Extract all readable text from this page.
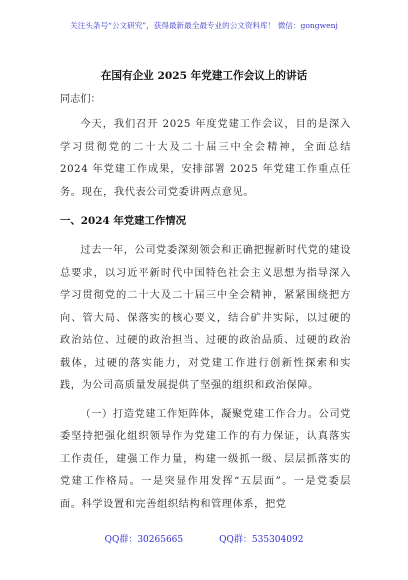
关注头条号“公文研究”，获得最新最全最专业的公文资料库！ 微信：gongwenj
在国有企业 2025 年党建工作会议上的讲话

同志们：

今天，我们召开 2025 年度党建工作会议，目的是深入学习贯彻党的二十大及二十届三中全会精神，全面总结 2024 年党建工作成果，安排部署 2025 年党建工作重点任务。现在，我代表公司党委讲两点意见。

一、2024 年党建工作情况

过去一年，公司党委深刻领会和正确把握新时代党的建设总要求，以习近平新时代中国特色社会主义思想为指导深入学习贯彻党的二十大及二十届三中全会精神，紧紧围绕把方向、管大局、保落实的核心要义，结合矿井实际，以过硬的政治站位、过硬的政治担当、过硬的政治品质、过硬的政治载体，过硬的落实能力，对党建工作进行创新性探索和实践，为公司高质量发展提供了坚强的组织和政治保障。

（一）打造党建工作矩阵体，凝聚党建工作合力。公司党委坚持把强化组织领导作为党建工作的有力保证，认真落实工作责任，建强工作力量，构建一级抓一级、层层抓落实的党建工作格局。一是突显作用发挥“五层面”。一是党委层面。科学设置和完善组织结构和管理体系，把党

QQ群：30265665	QQ群：535304092
